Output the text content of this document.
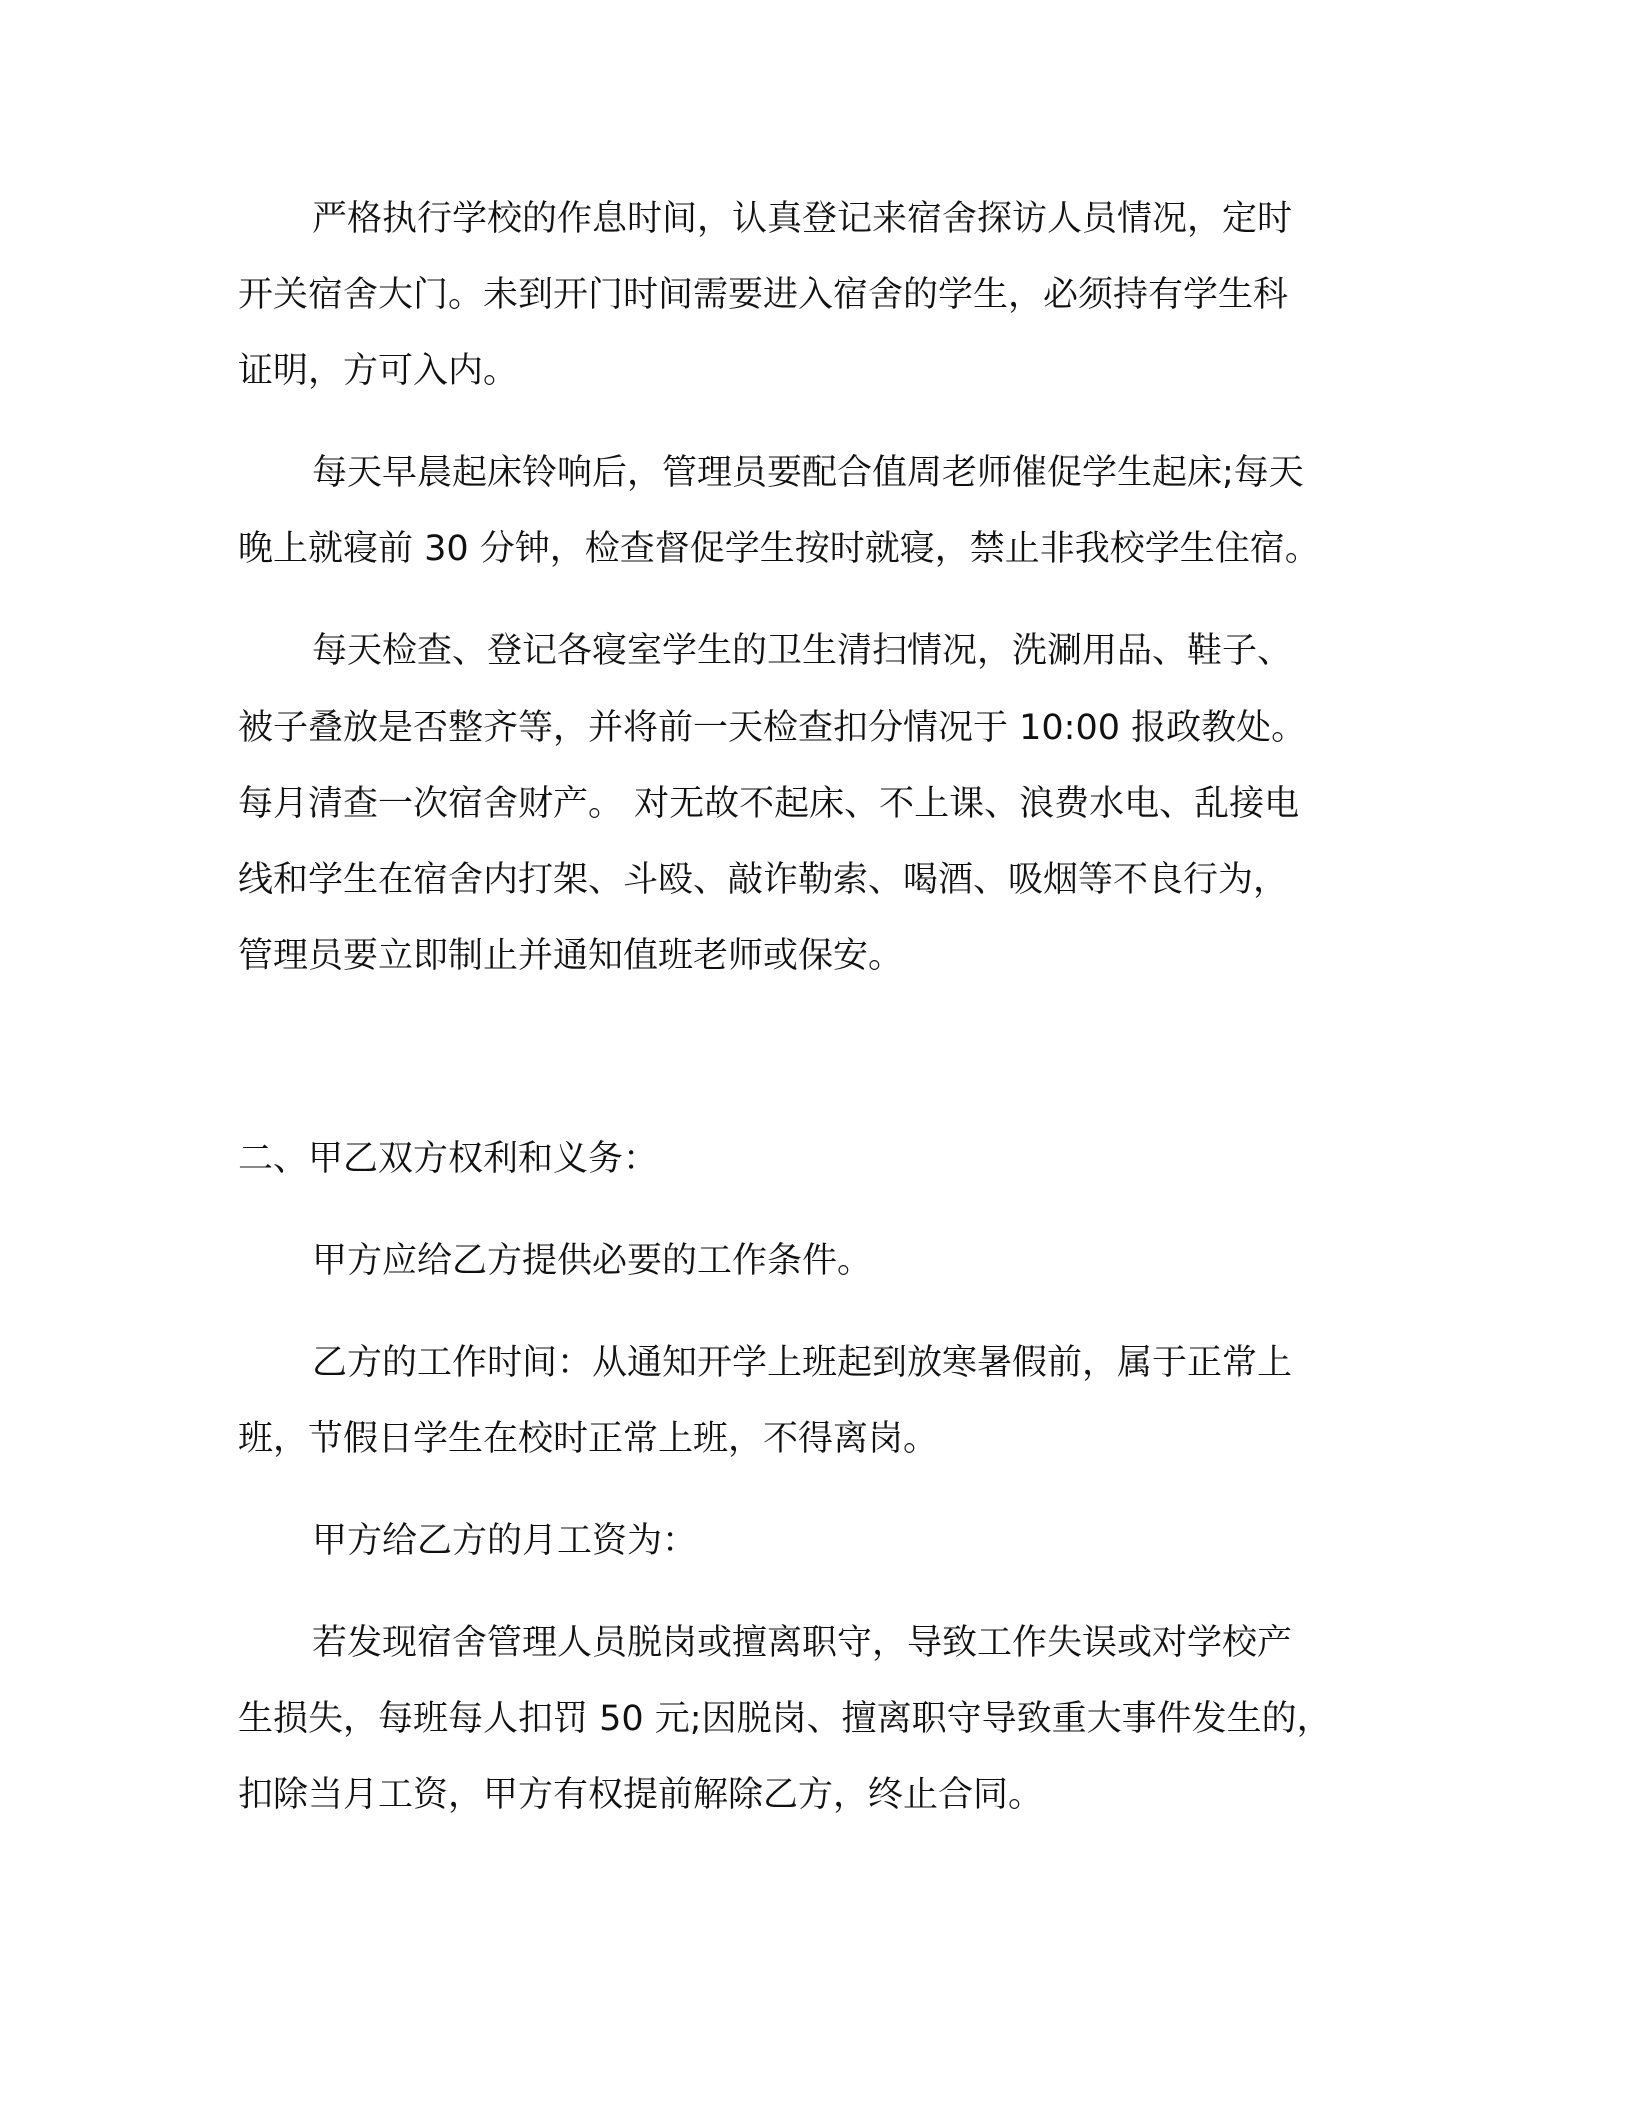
严格执行学校的作息时间，认真登记来宿舍探访人员情况，定时

开关宿舍大门。未到开门时间需要进入宿舍的学生，必须持有学生科

证明，方可入内。

每天早晨起床铃响后，管理员要配合值周老师催促学生起床;每天

晚上就寝前 30 分钟，检查督促学生按时就寝，禁止非我校学生住宿。

每天检查、登记各寝室学生的卫生清扫情况，洗涮用品、鞋子、

被子叠放是否整齐等，并将前一天检查扣分情况于 10:00 报政教处。

每月清查一次宿舍财产。 对无故不起床、不上课、浪费水电、乱接电

线和学生在宿舍内打架、斗殴、敲诈勒索、喝酒、吸烟等不良行为，

管理员要立即制止并通知值班老师或保安。

二、甲乙双方权利和义务：

甲方应给乙方提供必要的工作条件。

乙方的工作时间：从通知开学上班起到放寒暑假前，属于正常上

班，节假日学生在校时正常上班，不得离岗。

甲方给乙方的月工资为：

若发现宿舍管理人员脱岗或擅离职守，导致工作失误或对学校产

生损失，每班每人扣罚 50 元;因脱岗、擅离职守导致重大事件发生的，

扣除当月工资，甲方有权提前解除乙方，终止合同。
